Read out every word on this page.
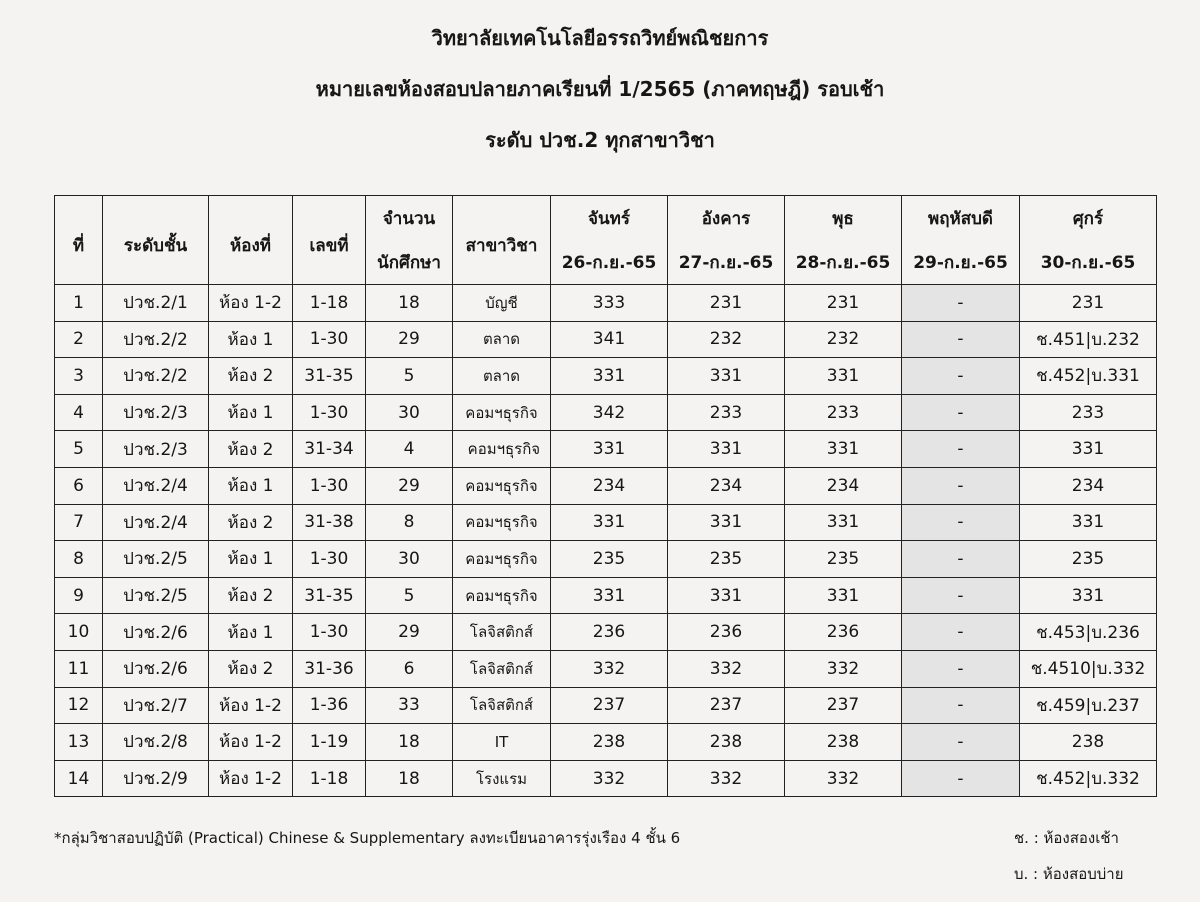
วิทยาลัยเทคโนโลยีอรรถวิทย์พณิชยการ
หมายเลขห้องสอบปลายภาคเรียนที่ 1/2565 (ภาคทฤษฎี) รอบเช้า
ระดับ ปวช.2 ทุกสาขาวิชา
ที่	ระดับชั้น	ห้องที่	เลขที่	จำนวน	สาขาวิชา	จันทร์	อังคาร	พุธ	พฤหัสบดี	ศุกร์
				นักศึกษา		26-ก.ย.-65	27-ก.ย.-65	28-ก.ย.-65	29-ก.ย.-65	30-ก.ย.-65
1	ปวช.2/1	ห้อง 1-2	1-18	18	บัญชี	333	231	231	-	231
2	ปวช.2/2	ห้อง 1	1-30	29	ตลาด	341	232	232	-	ช.451|บ.232
3	ปวช.2/2	ห้อง 2	31-35	5	ตลาด	331	331	331	-	ช.452|บ.331
4	ปวช.2/3	ห้อง 1	1-30	30	คอมฯธุรกิจ	342	233	233	-	233
5	ปวช.2/3	ห้อง 2	31-34	4	คอมฯธุรกิจ	331	331	331	-	331
6	ปวช.2/4	ห้อง 1	1-30	29	คอมฯธุรกิจ	234	234	234	-	234
7	ปวช.2/4	ห้อง 2	31-38	8	คอมฯธุรกิจ	331	331	331	-	331
8	ปวช.2/5	ห้อง 1	1-30	30	คอมฯธุรกิจ	235	235	235	-	235
9	ปวช.2/5	ห้อง 2	31-35	5	คอมฯธุรกิจ	331	331	331	-	331
10	ปวช.2/6	ห้อง 1	1-30	29	โลจิสติกส์	236	236	236	-	ช.453|บ.236
11	ปวช.2/6	ห้อง 2	31-36	6	โลจิสติกส์	332	332	332	-	ช.4510|บ.332
12	ปวช.2/7	ห้อง 1-2	1-36	33	โลจิสติกส์	237	237	237	-	ช.459|บ.237
13	ปวช.2/8	ห้อง 1-2	1-19	18	IT	238	238	238	-	238
14	ปวช.2/9	ห้อง 1-2	1-18	18	โรงแรม	332	332	332	-	ช.452|บ.332
*กลุ่มวิชาสอบปฏิบัติ (Practical) Chinese & Supplementary ลงทะเบียนอาคารรุ่งเรือง 4 ชั้น 6	ช. : ห้องสองเช้า
บ. : ห้องสอบบ่าย
